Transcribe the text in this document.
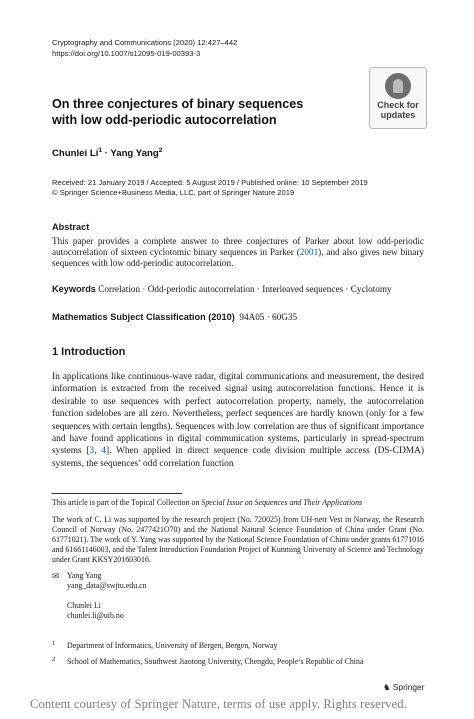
Cryptography and Communications (2020) 12:427–442
https://doi.org/10.1007/s12095-019-00393-3
Check for
updates
On three conjectures of binary sequences
with low odd-periodic autocorrelation
Chunlei $Li^1$ · Yang Yang$^2$
Received: 21 January 2019 / Accepted: 5 August 2019 / Published online: 10 September 2019
© Springer Science+Business Media, LLC, part of Springer Nature 2019
Abstract
This paper provides a complete answer to three conjectures of Parker about low odd-periodic autocorrelation of sixteen cyclotomic binary sequences in Parker (2001), and also gives new binary sequences with low odd-periodic autocorrelation.
Keywords Correlation · Odd-periodic autocorrelation · Interleaved sequences · Cyclotomy
Mathematics Subject Classification (2010) 94A05 · 60G35
1 Introduction
In applications like continuous-wave radar, digital communications and measurement, the desired information is extracted from the received signal using autocorrelation functions. Hence it is desirable to use sequences with perfect autocorrelation property, namely, the autocorrelation function sidelobes are all zero. Nevertheless, perfect sequences are hardly known (only for a few sequences with certain lengths). Sequences with low correlation are thus of significant importance and have found applications in digital communication systems, particularly in spread-spectrum systems [3, 4]. When applied in direct sequence code division multiple access (DS-CDMA) systems, the sequences’ odd correlation function
This article is part of the Topical Collection on Special Issue on Sequences and Their Applications
The work of C. Li was supported by the research project (No. 720025) from UH-nett Vest in Norway, the Research Council of Norway (No. 2477421O70) and the National Natural Science Foundation of China under Grant (No. 61771021). The work of Y. Yang was supported by the National Science Foundation of China under grants 61771016 and 61661146003, and the Talent Introduction Foundation Project of Kunming University of Science and Technology under Grant KKSY201603016.
✉ Yang Yang
yang_data@swjtu.edu.cn
Chunlei Li
chunlei.li@uib.no
1 Department of Informatics, University of Bergen, Bergen, Norway
2 School of Mathematics, Southwest Jiaotong University, Chengdu, People’s Republic of China
♞ Springer
Content courtesy of Springer Nature, terms of use apply. Rights reserved.
